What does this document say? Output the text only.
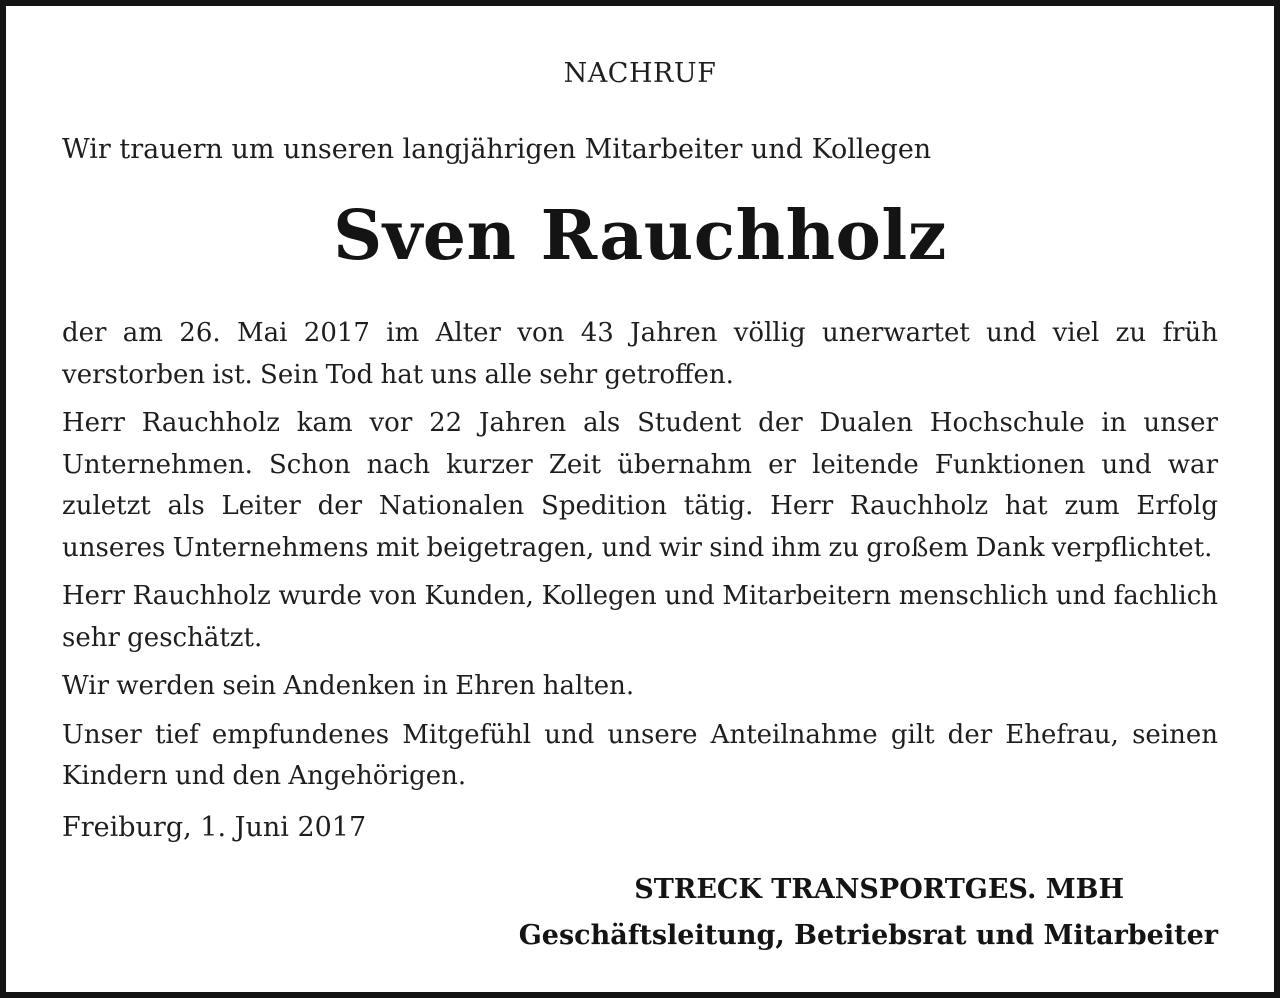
NACHRUF
Wir trauern um unseren langjährigen Mitarbeiter und Kollegen
Sven Rauchholz

der am 26. Mai 2017 im Alter von 43 Jahren völlig unerwartet und viel zu früh verstorben ist. Sein Tod hat uns alle sehr getroffen.

Herr Rauchholz kam vor 22 Jahren als Student der Dualen Hochschule in unser Unternehmen. Schon nach kurzer Zeit übernahm er leitende Funktionen und war zuletzt als Leiter der Nationalen Spedition tätig. Herr Rauchholz hat zum Erfolg unseres Unternehmens mit beigetragen, und wir sind ihm zu großem Dank verpflichtet.

Herr Rauchholz wurde von Kunden, Kollegen und Mitarbeitern menschlich und fachlich sehr geschätzt.

Wir werden sein Andenken in Ehren halten.

Unser tief empfundenes Mitgefühl und unsere Anteilnahme gilt der Ehefrau, seinen Kindern und den Angehörigen.

Freiburg, 1. Juni 2017
STRECK TRANSPORTGES. MBH
Geschäftsleitung, Betriebsrat und Mitarbeiter
